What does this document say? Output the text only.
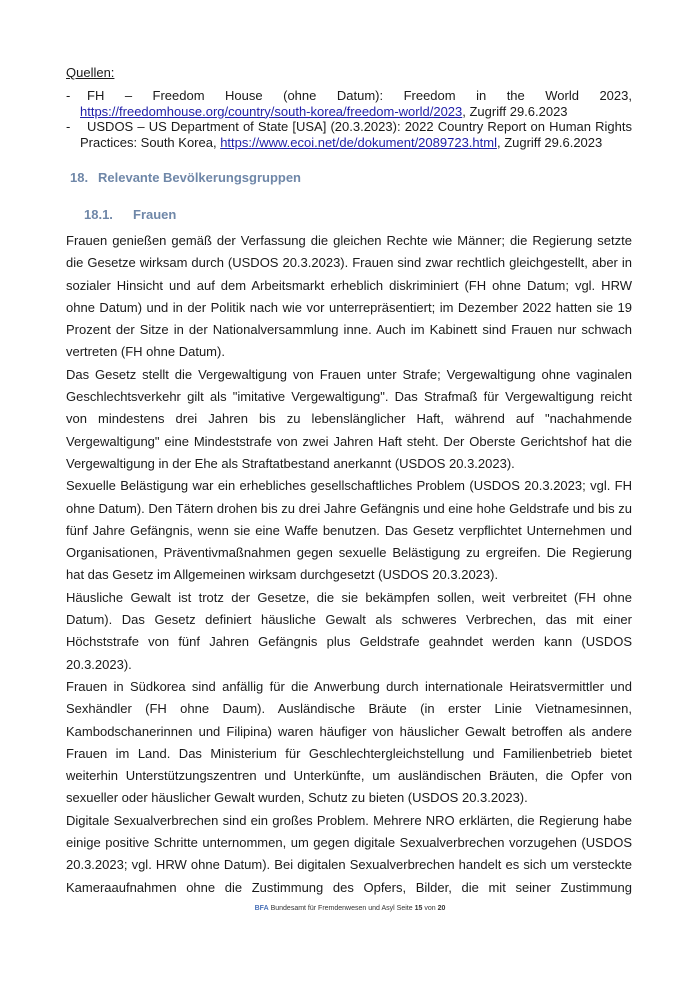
Quellen:
-	FH – Freedom House (ohne Datum): Freedom in the World 2023,
https://freedomhouse.org/country/south-korea/freedom-world/2023, Zugriff 29.6.2023
-	USDOS – US Department of State [USA] (20.3.2023): 2022 Country Report on Human Rights
Practices: South Korea, https://www.ecoi.net/de/dokument/2089723.html, Zugriff 29.6.2023
18. Relevante Bevölkerungsgruppen
18.1. Frauen

Frauen genießen gemäß der Verfassung die gleichen Rechte wie Männer; die Regierung setzte die Gesetze wirksam durch (USDOS 20.3.2023). Frauen sind zwar rechtlich gleichgestellt, aber in sozialer Hinsicht und auf dem Arbeitsmarkt erheblich diskriminiert (FH ohne Datum; vgl. HRW ohne Datum) und in der Politik nach wie vor unterrepräsentiert; im Dezember 2022 hatten sie 19 Prozent der Sitze in der Nationalversammlung inne. Auch im Kabinett sind Frauen nur schwach vertreten (FH ohne Datum).

Das Gesetz stellt die Vergewaltigung von Frauen unter Strafe; Vergewaltigung ohne vaginalen Geschlechtsverkehr gilt als "imitative Vergewaltigung". Das Strafmaß für Vergewaltigung reicht von mindestens drei Jahren bis zu lebenslänglicher Haft, während auf "nachahmende Vergewaltigung" eine Mindeststrafe von zwei Jahren Haft steht. Der Oberste Gerichtshof hat die Vergewaltigung in der Ehe als Straftatbestand anerkannt (USDOS 20.3.2023).

Sexuelle Belästigung war ein erhebliches gesellschaftliches Problem (USDOS 20.3.2023; vgl. FH ohne Datum). Den Tätern drohen bis zu drei Jahre Gefängnis und eine hohe Geldstrafe und bis zu fünf Jahre Gefängnis, wenn sie eine Waffe benutzen. Das Gesetz verpflichtet Unternehmen und Organisationen, Präventivmaßnahmen gegen sexuelle Belästigung zu ergreifen. Die Regierung hat das Gesetz im Allgemeinen wirksam durchgesetzt (USDOS 20.3.2023).

Häusliche Gewalt ist trotz der Gesetze, die sie bekämpfen sollen, weit verbreitet (FH ohne Datum). Das Gesetz definiert häusliche Gewalt als schweres Verbrechen, das mit einer Höchststrafe von fünf Jahren Gefängnis plus Geldstrafe geahndet werden kann (USDOS 20.3.2023).

Frauen in Südkorea sind anfällig für die Anwerbung durch internationale Heiratsvermittler und Sexhändler (FH ohne Daum). Ausländische Bräute (in erster Linie Vietnamesinnen, Kambodschanerinnen und Filipina) waren häufiger von häuslicher Gewalt betroffen als andere Frauen im Land. Das Ministerium für Geschlechtergleichstellung und Familienbetrieb bietet weiterhin Unterstützungszentren und Unterkünfte, um ausländischen Bräuten, die Opfer von sexueller oder häuslicher Gewalt wurden, Schutz zu bieten (USDOS 20.3.2023).

Digitale Sexualverbrechen sind ein großes Problem. Mehrere NRO erklärten, die Regierung habe einige positive Schritte unternommen, um gegen digitale Sexualverbrechen vorzugehen (USDOS 20.3.2023; vgl. HRW ohne Datum). Bei digitalen Sexualverbrechen handelt es sich um versteckte Kameraaufnahmen ohne die Zustimmung des Opfers, Bilder, die mit seiner Zustimmung

BFA Bundesamt für Fremdenwesen und Asyl Seite 15 von 20
